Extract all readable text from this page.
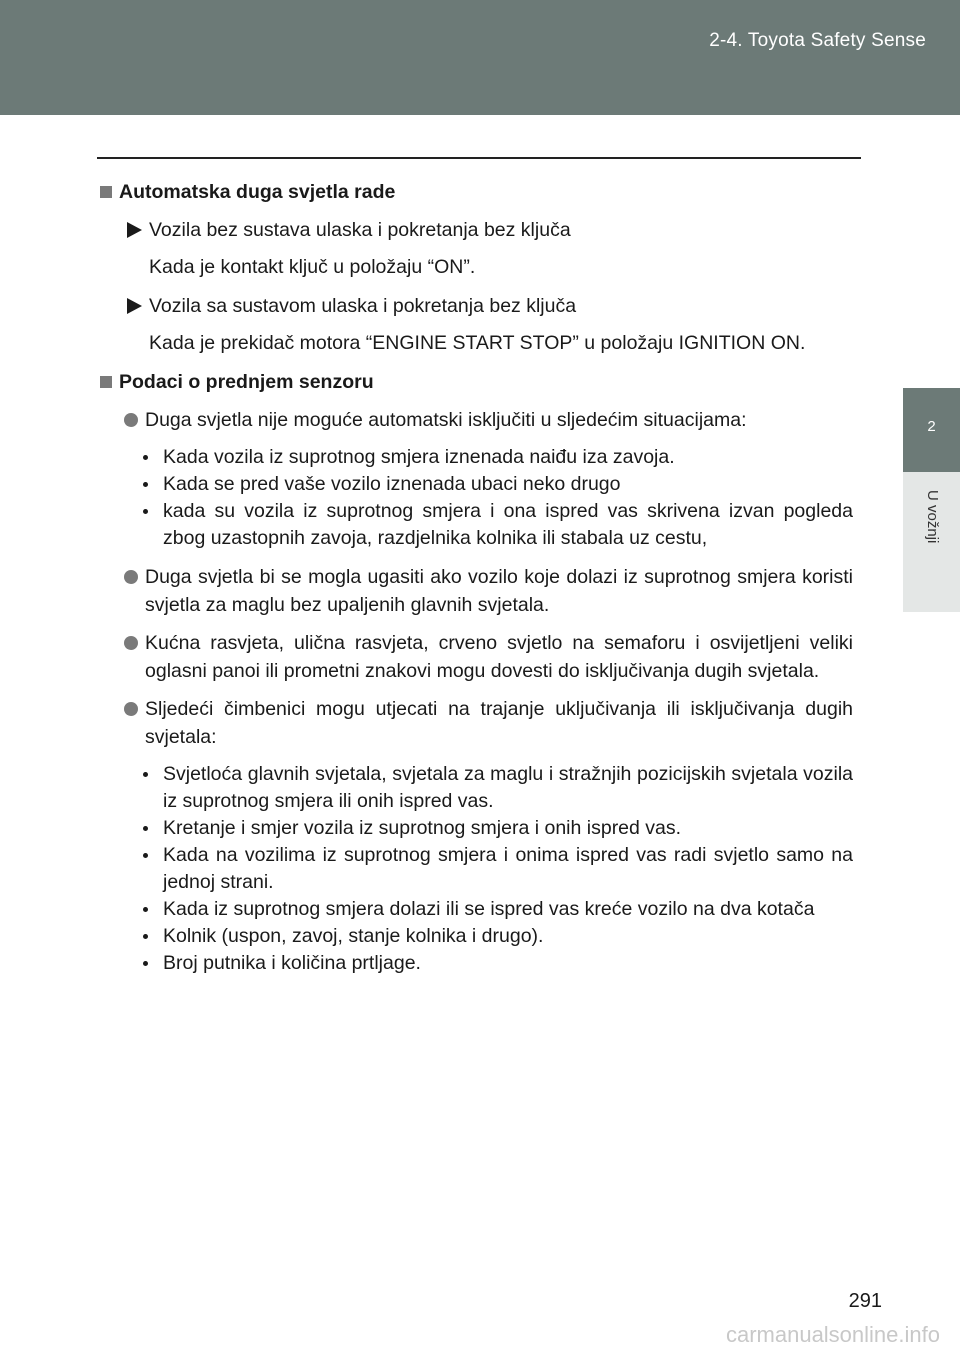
2-4. Toyota Safety Sense
2
U vožnji
Automatska duga svjetla rade
Vozila bez sustava ulaska i pokretanja bez ključa
Kada je kontakt ključ u položaju “ON”.
Vozila sa sustavom ulaska i pokretanja bez ključa
Kada je prekidač motora “ENGINE START STOP” u položaju IGNITION ON.
Podaci o prednjem senzoru
Duga svjetla nije moguće automatski isključiti u sljedećim situacijama:
Kada vozila iz suprotnog smjera iznenada naiđu iza zavoja.
Kada se pred vaše vozilo iznenada ubaci neko drugo
kada su vozila iz suprotnog smjera i ona ispred vas skrivena izvan pogleda zbog uzastopnih zavoja, razdjelnika kolnika ili stabala uz cestu,
Duga svjetla bi se mogla ugasiti ako vozilo koje dolazi iz suprotnog smjera koristi svjetla za maglu bez upaljenih glavnih svjetala.
Kućna rasvjeta, ulična rasvjeta, crveno svjetlo na semaforu i osvijetljeni veliki oglasni panoi ili prometni znakovi mogu dovesti do isključivanja dugih svjetala.
Sljedeći čimbenici mogu utjecati na trajanje uključivanja ili isključivanja dugih svjetala:
Svjetloća glavnih svjetala, svjetala za maglu i stražnjih pozicijskih svjetala vozila iz suprotnog smjera ili onih ispred vas.
Kretanje i smjer vozila iz suprotnog smjera i onih ispred vas.
Kada na vozilima iz suprotnog smjera i onima ispred vas radi svjetlo samo na jednoj strani.
Kada iz suprotnog smjera dolazi ili se ispred vas kreće vozilo na dva kotača
Kolnik (uspon, zavoj, stanje kolnika i drugo).
Broj putnika i količina prtljage.
291
carmanualsonline.info
